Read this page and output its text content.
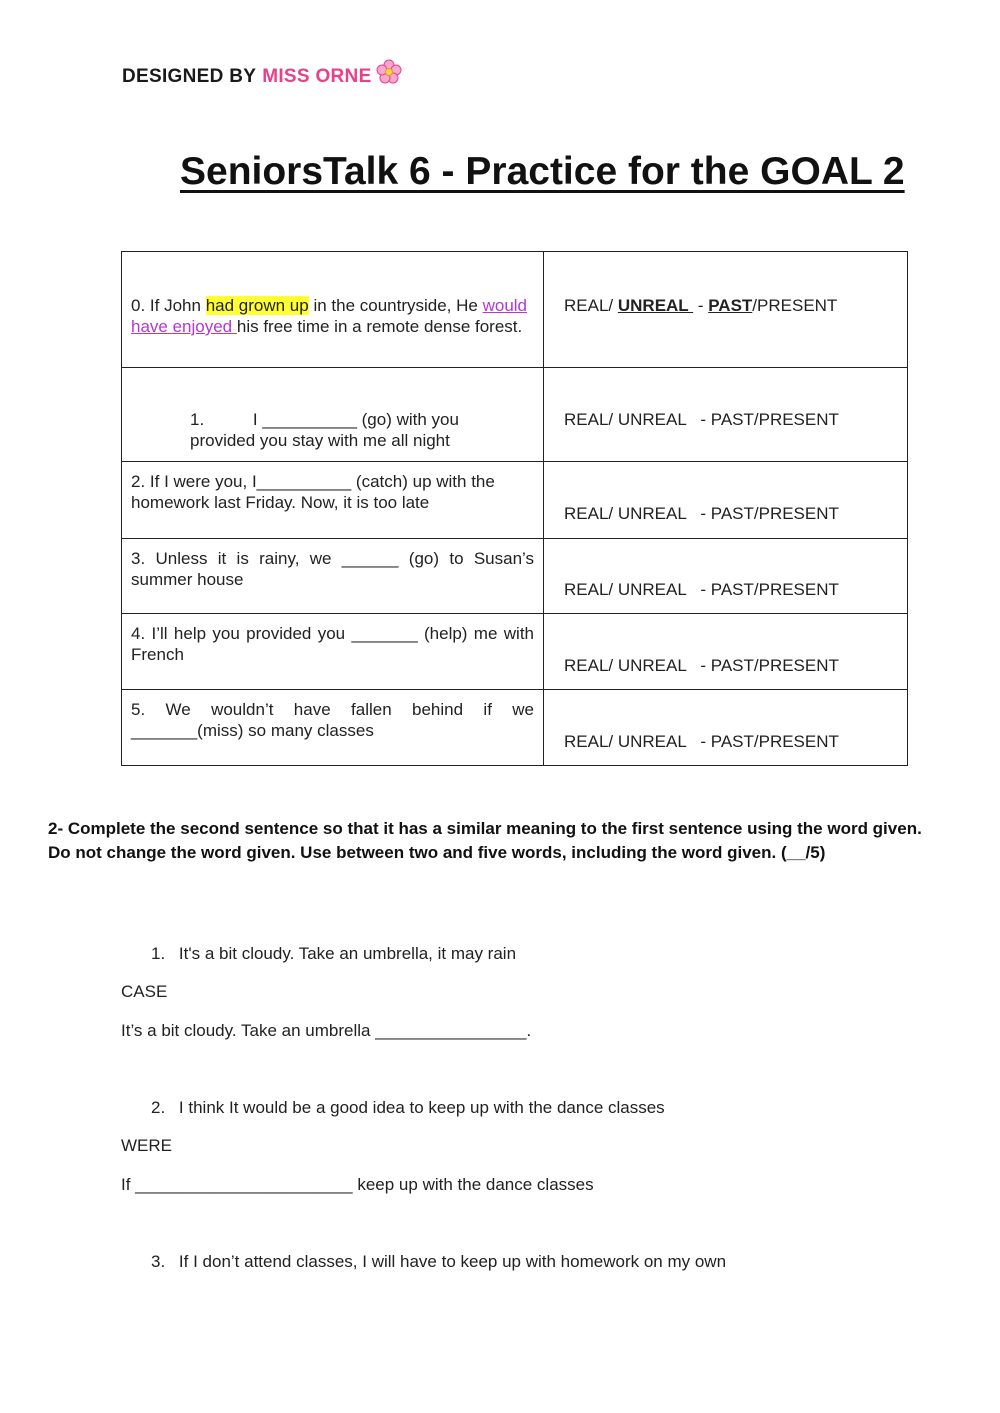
DESIGNED BY MISS ORNE
SeniorsTalk 6 - Practice for the GOAL 2
0. If John had grown up in the countryside, He would have enjoyed his free time in a remote dense forest.	REAL/ UNREAL  - PAST/PRESENT

1. I __________ (go) with you
provided you stay with me all night	REAL/ UNREAL   - PAST/PRESENT
2. If I were you, I__________ (catch) up with the homework last Friday. Now, it is too late	REAL/ UNREAL   - PAST/PRESENT
3. Unless it is rainy, we ______ (go) to Susan’s summer house	REAL/ UNREAL   - PAST/PRESENT
4. I’ll help you provided you _______ (help) me with French	REAL/ UNREAL   - PAST/PRESENT
5. We wouldn’t have fallen behind if we _______(miss) so many classes	REAL/ UNREAL   - PAST/PRESENT
2- Complete the second sentence so that it has a similar meaning to the first sentence using the word given. Do not change the word given. Use between two and five words, including the word given. (__/5)
1. It's a bit cloudy. Take an umbrella, it may rain
CASE
It’s a bit cloudy. Take an umbrella ________________.
2. I think It would be a good idea to keep up with the dance classes
WERE
If _______________________ keep up with the dance classes
3. If I don’t attend classes, I will have to keep up with homework on my own
